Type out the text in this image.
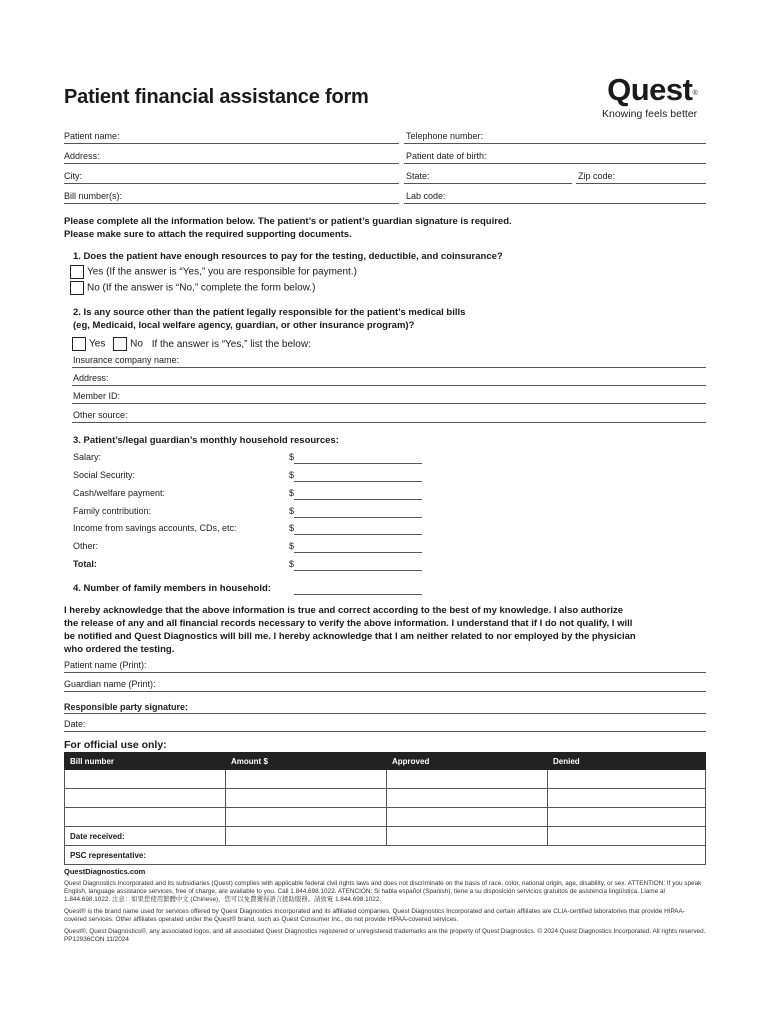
Patient financial assistance form	Quest®
Knowing feels better
Patient name:	Telephone number:
Address:	Patient date of birth:
City:	State:	Zip code:
Bill number(s):	Lab code:
Please complete all the information below. The patient’s or patient’s guardian signature is required.
Please make sure to attach the required supporting documents.
1. Does the patient have enough resources to pay for the testing, deductible, and coinsurance?
Yes (If the answer is “Yes,” you are responsible for payment.)
No (If the answer is “No,” complete the form below.)
2. Is any source other than the patient legally responsible for the patient’s medical bills
(eg, Medicaid, local welfare agency, guardian, or other insurance program)?
Yes No If the answer is “Yes,” list the below:
Insurance company name:
Address:
Member ID:
Other source:
3. Patient’s/legal guardian’s monthly household resources:
Salary:	$
Social Security:	$
Cash/welfare payment:	$
Family contribution:	$
Income from savings accounts, CDs, etc:	$
Other:	$
Total:	$
4. Number of family members in household:
I hereby acknowledge that the above information is true and correct according to the best of my knowledge. I also authorize
the release of any and all financial records necessary to verify the above information. I understand that if I do not qualify, I will
be notified and Quest Diagnostics will bill me. I hereby acknowledge that I am neither related to nor employed by the physician
who ordered the testing.
Patient name (Print):
Guardian name (Print):
Responsible party signature:
Date:
For official use only:
Bill number	Amount $	Approved	Denied

Date received:			
PSC representative:			
QuestDiagnostics.com
Quest Diagnostics Incorporated and its subsidiaries (Quest) complies with applicable federal civil rights laws and does not discriminate on the basis of race, color, national origin, age, disability, or sex. ATTENTION: If you speak English, language assistance services, free of charge, are available to you. Call 1.844.698.1022. ATENCIÓN: Si habla español (Spanish), tiene a su disposición servicios gratuitos de asistencia lingüística. Llame al 1.844.698.1022. 注意：如果您使用繁體中文 (Chinese)，您可以免費獲得語言援助服務。請致電 1.844.698.1022.
Quest® is the brand name used for services offered by Quest Diagnostics Incorporated and its affiliated companies. Quest Diagnostics Incorporated and certain affiliates are CLIA-certified laboratories that provide HIPAA-covered services. Other affiliates operated under the Quest® brand, such as Quest Consumer Inc., do not provide HIPAA-covered services.
Quest®, Quest Diagnostics®, any associated logos, and all associated Quest Diagnostics registered or unregistered trademarks are the property of Quest Diagnostics. © 2024 Quest Diagnostics Incorporated. All rights reserved. PP12936CON 11/2024
